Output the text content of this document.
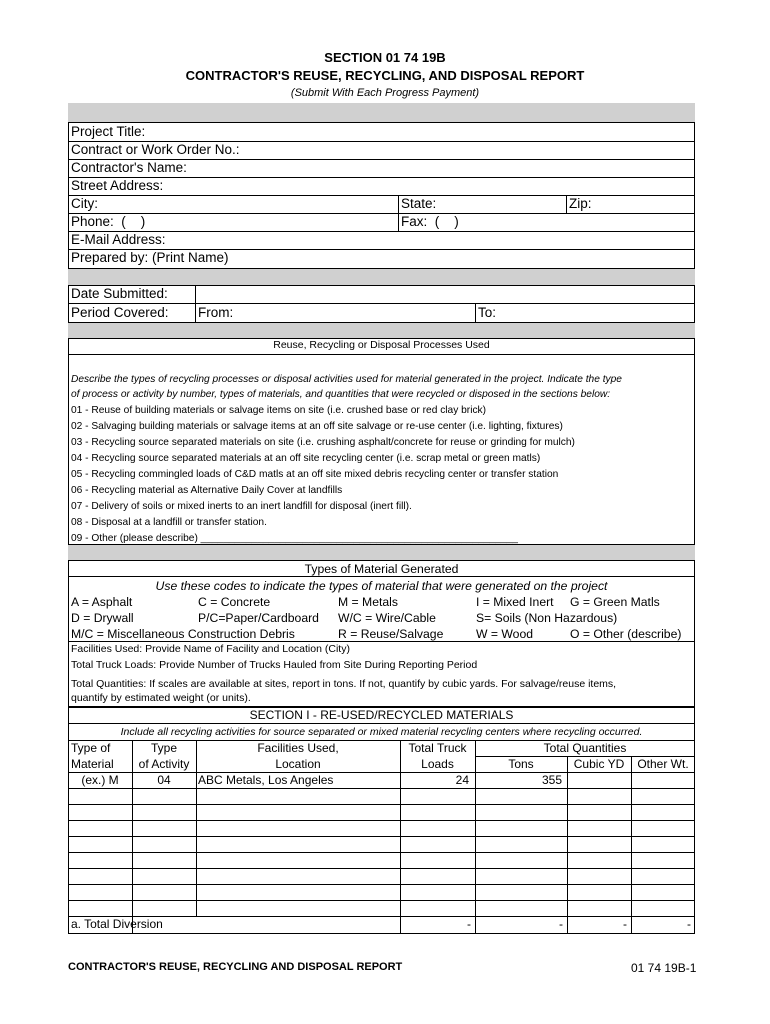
SECTION 01 74 19B
CONTRACTOR'S REUSE, RECYCLING, AND DISPOSAL REPORT
(Submit With Each Progress Payment)
Project Title:
Contract or Work Order No.:
Contractor's Name:
Street Address:
City:	State:	Zip:
Phone:  (    )	Fax:  (    )
E-Mail Address:
Prepared by: (Print Name)
Date Submitted:
Period Covered: From:	To:
Reuse, Recycling or Disposal Processes Used
Describe the types of recycling processes or disposal activities used for material generated in the project. Indicate the type
of process or activity by number, types of materials, and quantities that were recycled or disposed in the sections below:
01 - Reuse of building materials or salvage items on site (i.e. crushed base or red clay brick)
02 - Salvaging building materials or salvage items at an off site salvage or re-use center (i.e. lighting, fixtures)
03 - Recycling source separated materials on site (i.e. crushing asphalt/concrete for reuse or grinding for mulch)
04 - Recycling source separated materials at an off site recycling center (i.e. scrap metal or green matls)
05 - Recycling commingled loads of C&D matls at an off site mixed debris recycling center or transfer station
06 - Recycling material as Alternative Daily Cover at landfills
07 - Delivery of soils or mixed inerts to an inert landfill for disposal (inert fill).
08 - Disposal at a landfill or transfer station.
09 - Other (please describe) ________________________________________________________
Types of Material Generated
Use these codes to indicate the types of material that were generated on the project
A = Asphalt	C = Concrete	M = Metals	I = Mixed Inert G = Green Matls
D = Drywall	P/C=Paper/Cardboard W/C = Wire/Cable	S= Soils (Non Hazardous)
M/C = Miscellaneous Construction Debris	R = Reuse/Salvage	W = Wood	O = Other (describe)
Facilities Used: Provide Name of Facility and Location (City)
Total Truck Loads: Provide Number of Trucks Hauled from Site During Reporting Period
Total Quantities: If scales are available at sites, report in tons. If not, quantify by cubic yards. For salvage/reuse items,
quantify by estimated weight (or units).
SECTION I - RE-USED/RECYCLED MATERIALS
Include all recycling activities for source separated or mixed material recycling centers where recycling occurred.
Type of
Material
Type
of Activity
Facilities Used,
Location
Total Truck
Loads
Total Quantities
Tons	Cubic YD	Other Wt.
(ex.) M	04	ABC Metals, Los Angeles	24	355
a. Total Diversion	-	-	-	-
CONTRACTOR'S REUSE, RECYCLING AND DISPOSAL REPORT	01 74 19B-1
